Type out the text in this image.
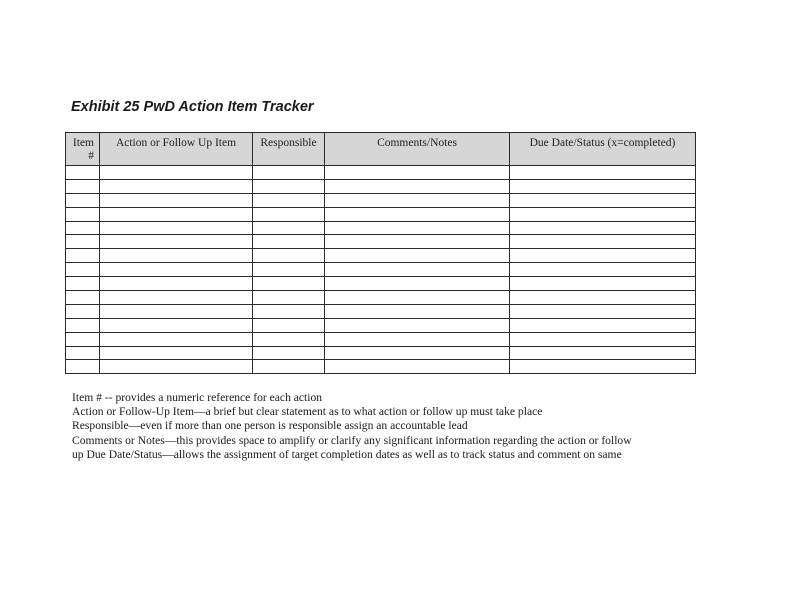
Exhibit 25 PwD Action Item Tracker
Item
#	Action or Follow Up Item	Responsible	Comments/Notes	Due Date/Status (x=completed)

Item # -- provides a numeric reference for each action
Action or Follow-Up Item—a brief but clear statement as to what action or follow up must take place
Responsible—even if more than one person is responsible assign an accountable lead
Comments or Notes—this provides space to amplify or clarify any significant information regarding the action or follow
up Due Date/Status—allows the assignment of target completion dates as well as to track status and comment on same
